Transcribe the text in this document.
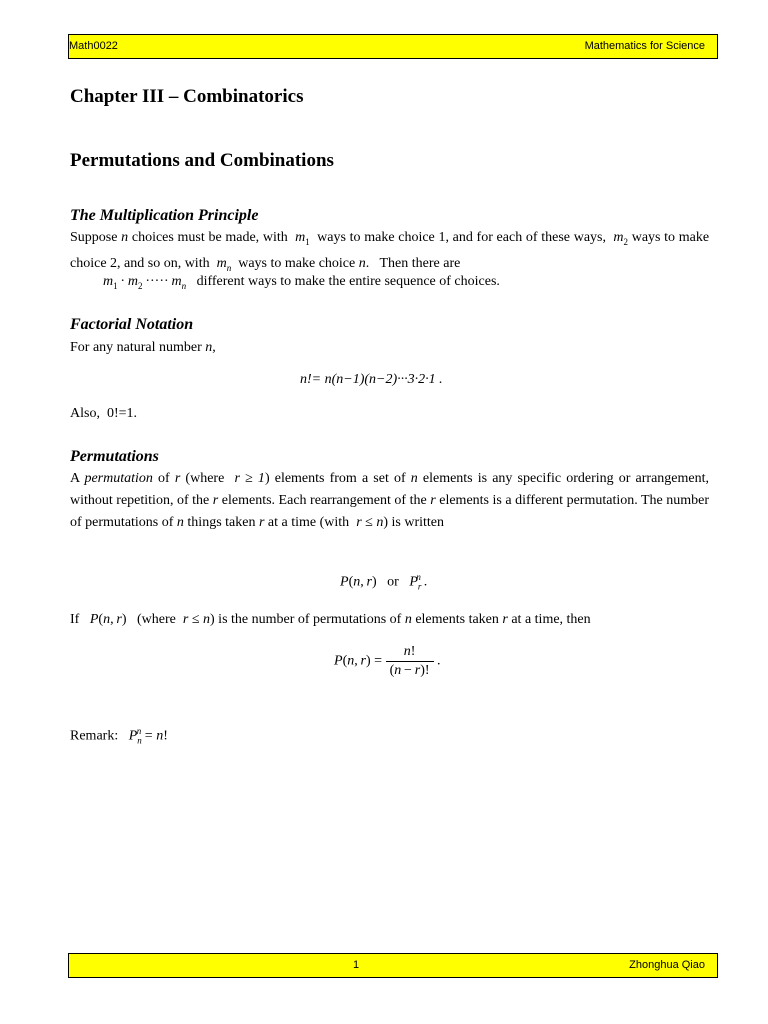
Math0022	Mathematics for Science
Chapter III – Combinatorics
Permutations and Combinations
The Multiplication Principle
Suppose n choices must be made, with $m_1$ ways to make choice 1, and for each of these ways, $m_2$ ways to make choice 2, and so on, with $m_n$ ways to make choice n.   Then there are
$m_1 \cdot m_2$ ····· $m_n$ different ways to make the entire sequence of choices.
Factorial Notation
For any natural number n,
n!= n(n−1)(n−2)···3·2·1 .
Also, 0!=1.
Permutations
A permutation of r (where r ≥ 1) elements from a set of n elements is any specific ordering or arrangement, without repetition, of the r elements. Each rearrangement of the r elements is a different permutation. The number of permutations of n things taken r at a time (with r ≤ n) is written
P(n, r)   or $P_r^n$ .
If P(n, r)   (where r ≤ n) is the number of permutations of n elements taken r at a time, then
P(n, $r) = \frac{n!}{(n - r)!}$ .
Remark: $P_n^n = n$!
1	Zhonghua Qiao
